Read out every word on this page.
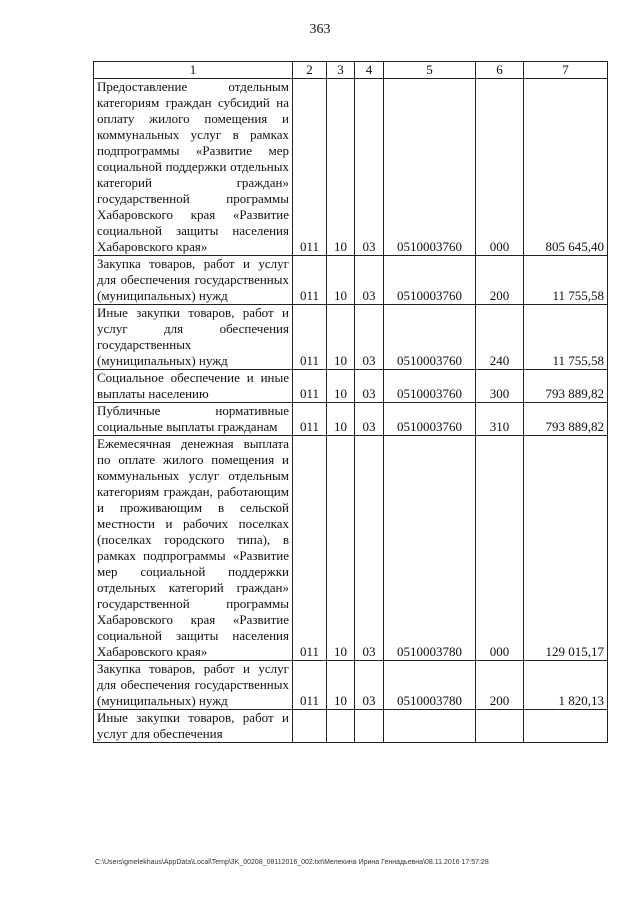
363
1	2	3	4	5	6	7
Предоставление отдельным категориям граждан субсидий на оплату жилого помещения и коммунальных услуг в рамках подпрограммы «Развитие мер социальной поддержки отдельных категорий граждан» государственной программы Хабаровского края «Развитие социальной защиты населения Хабаровского края»	011	10	03	0510003760	000	805 645,40
Закупка товаров, работ и услуг для обеспечения государственных (муниципальных) нужд	011	10	03	0510003760	200	11 755,58
Иные закупки товаров, работ и услуг для обеспечения государственных (муниципальных) нужд	011	10	03	0510003760	240	11 755,58
Социальное обеспечение и иные выплаты населению	011	10	03	0510003760	300	793 889,82
Публичные нормативные социальные выплаты гражданам	011	10	03	0510003760	310	793 889,82
Ежемесячная денежная выплата по оплате жилого помещения и коммунальных услуг отдельным категориям граждан, работающим и проживающим в сельской местности и рабочих поселках (поселках городского типа), в рамках подпрограммы «Развитие мер социальной поддержки отдельных категорий граждан» государственной программы Хабаровского края «Развитие социальной защиты населения Хабаровского края»	011	10	03	0510003780	000	129 015,17
Закупка товаров, работ и услуг для обеспечения государственных (муниципальных) нужд	011	10	03	0510003780	200	1 820,13
Иные закупки товаров, работ и услуг для обеспечения						
C:\Users\gmelekhaus\AppData\Local\Temp\3K_00208_08112016_002.txt\Мелехина Ирина Геннадьевна\08.11.2016 17:57:28
